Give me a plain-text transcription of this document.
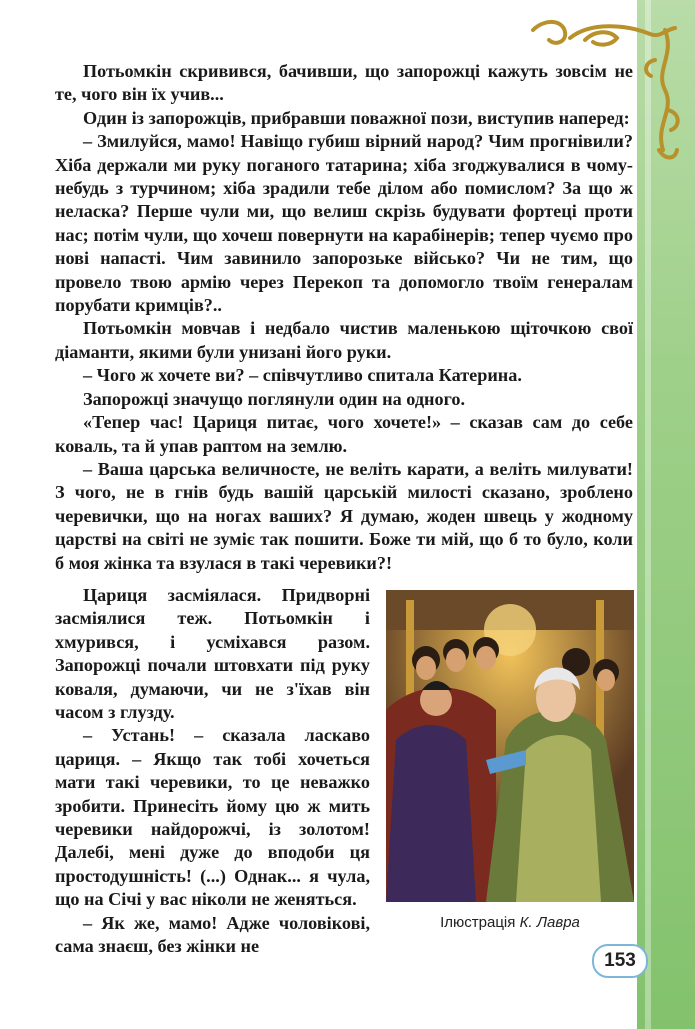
Потьомкін скривився, бачивши, що запорожці кажуть зовсім не те, чого він їх учив...

Один із запорожців, прибравши поважної пози, виступив наперед:

– Змилуйся, мамо! Навіщо губиш вірний народ? Чим прогнівили? Хіба держали ми руку поганого татарина; хіба згоджувалися в чому-небудь з турчином; хіба зрадили тебе ділом або помислом? За що ж неласка? Перше чули ми, що велиш скрізь будувати фортеці проти нас; потім чули, що хочеш повернути на карабінерів; тепер чуємо про нові напасті. Чим завинило запорозьке військо? Чи не тим, що провело твою армію через Перекоп та допомогло твоїм генералам порубати кримців?..

Потьомкін мовчав і недбало чистив маленькою щіточкою свої діаманти, якими були унизані його руки.

– Чого ж хочете ви? – співчутливо спитала Катерина.

Запорожці значущо поглянули один на одного.

«Тепер час! Цариця питає, чого хочете!» – сказав сам до себе коваль, та й упав раптом на землю.

– Ваша царська величносте, не веліть карати, а веліть милувати! З чого, не в гнів будь вашій царській милості сказано, зроблено черевички, що на ногах ваших? Я думаю, жоден швець у жодному царстві на світі не зуміє так пошити. Боже ти мій, що б то було, коли б моя жінка та взулася в такі черевики?!

Цариця засміялася. Придворні засміялися теж. Потьомкін і хмурився, і усміхався разом. Запорожці почали штовхати під руку коваля, думаючи, чи не з'їхав він часом з глузду.

– Устань! – сказала ласкаво цариця. – Якщо так тобі хочеться мати такі черевики, то це неважко зробити. Принесіть йому цю ж мить черевики найдорожчі, із золотом! Далебі, мені дуже до вподоби ця простодушність! (...) Однак... я чула, що на Січі у вас ніколи не женяться.

– Як же, мамо! Адже чоловікові, сама знаєш, без жінки не

Ілюстрація К. Лавра
153
